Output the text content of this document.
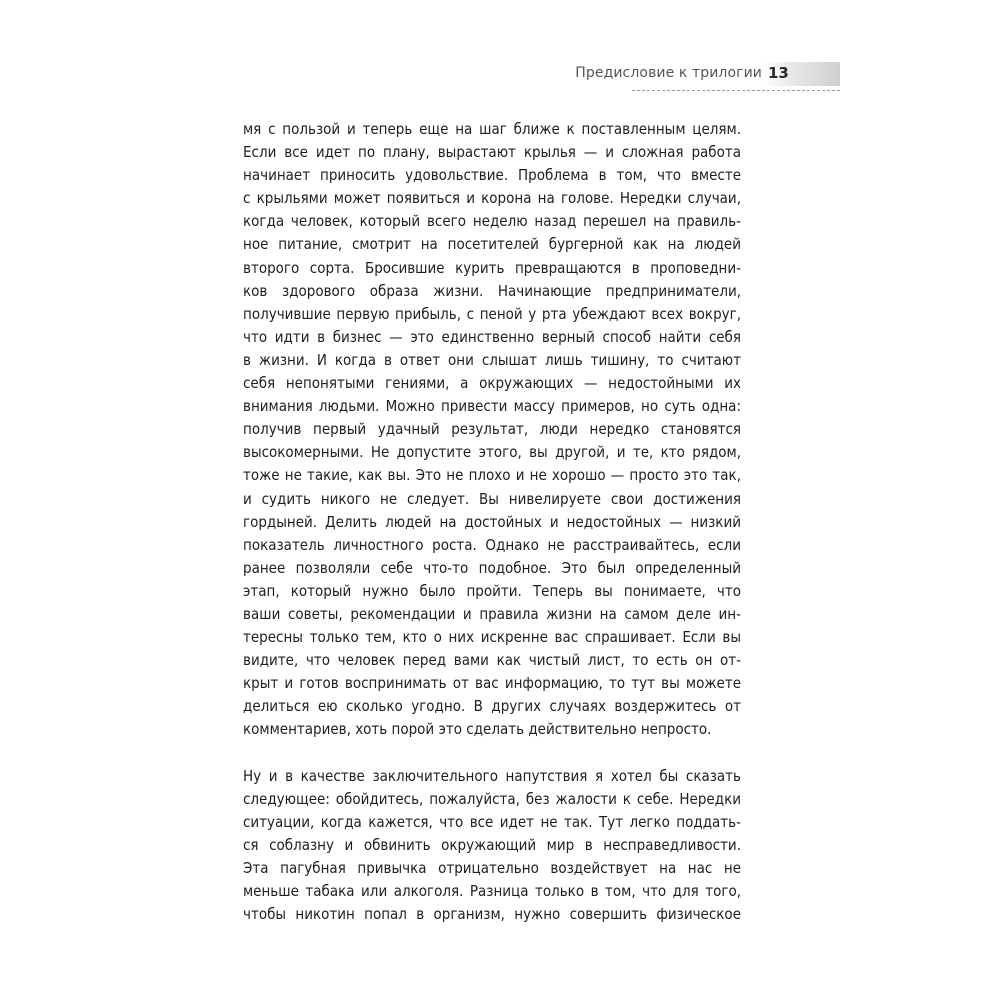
Предисловие к трилогии 13

мя с пользой и теперь еще на шаг ближе к поставленным целям.
Если все идет по плану, вырастают крылья — и сложная работа
начинает приносить удовольствие. Проблема в том, что вместе
с крыльями может появиться и корона на голове. Нередки случаи,
когда человек, который всего неделю назад перешел на правиль-
ное питание, смотрит на посетителей бургерной как на людей
второго сорта. Бросившие курить превращаются в проповедни-
ков здорового образа жизни. Начинающие предприниматели,
получившие первую прибыль, с пеной у рта убеждают всех вокруг,
что идти в бизнес — это единственно верный способ найти себя
в жизни. И когда в ответ они слышат лишь тишину, то считают
себя непонятыми гениями, а окружающих — недостойными их
внимания людьми. Можно привести массу примеров, но суть одна:
получив первый удачный результат, люди нередко становятся
высокомерными. Не допустите этого, вы другой, и те, кто рядом,
тоже не такие, как вы. Это не плохо и не хорошо — просто это так,
и судить никого не следует. Вы нивелируете свои достижения
гордыней. Делить людей на достойных и недостойных — низкий
показатель личностного роста. Однако не расстраивайтесь, если
ранее позволяли себе что-то подобное. Это был определенный
этап, который нужно было пройти. Теперь вы понимаете, что
ваши советы, рекомендации и правила жизни на самом деле ин-
тересны только тем, кто о них искренне вас спрашивает. Если вы
видите, что человек перед вами как чистый лист, то есть он от-
крыт и готов воспринимать от вас информацию, то тут вы можете
делиться ею сколько угодно. В других случаях воздержитесь от
комментариев, хоть порой это сделать действительно непросто.

Ну и в качестве заключительного напутствия я хотел бы сказать
следующее: обойдитесь, пожалуйста, без жалости к себе. Нередки
ситуации, когда кажется, что все идет не так. Тут легко поддать-
ся соблазну и обвинить окружающий мир в несправедливости.
Эта пагубная привычка отрицательно воздействует на нас не
меньше табака или алкоголя. Разница только в том, что для того,
чтобы никотин попал в организм, нужно совершить физическое
